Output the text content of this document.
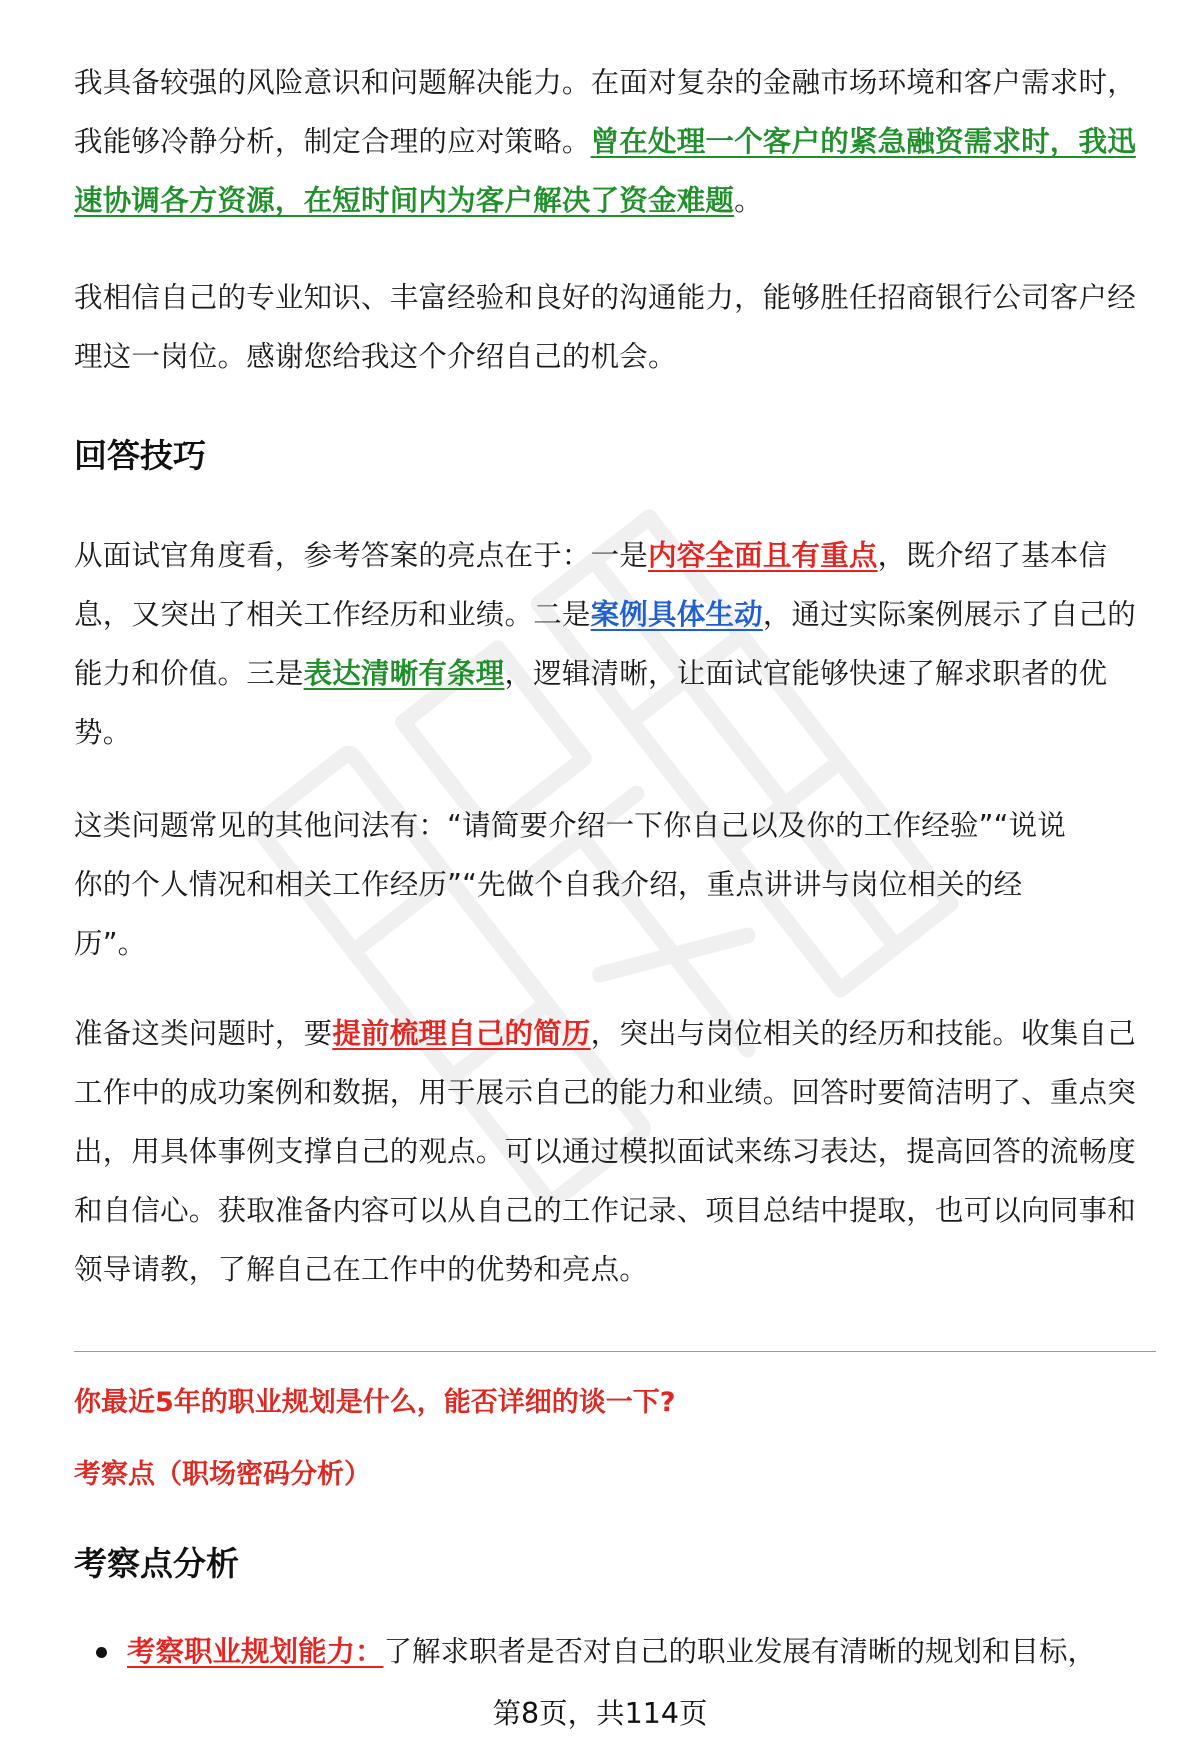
我具备较强的风险意识和问题解决能力。在面对复杂的金融市场环境和客户需求时，我能够冷静分析，制定合理的应对策略。曾在处理一个客户的紧急融资需求时，我迅速协调各方资源，在短时间内为客户解决了资金难题。

我相信自己的专业知识、丰富经验和良好的沟通能力，能够胜任招商银行公司客户经理这一岗位。感谢您给我这个介绍自己的机会。

回答技巧

从面试官角度看，参考答案的亮点在于：一是内容全面且有重点，既介绍了基本信息，又突出了相关工作经历和业绩。二是案例具体生动，通过实际案例展示了自己的能力和价值。三是表达清晰有条理，逻辑清晰，让面试官能够快速了解求职者的优势。

这类问题常见的其他问法有：“请简要介绍一下你自己以及你的工作经验”“说说你的个人情况和相关工作经历”“先做个自我介绍，重点讲讲与岗位相关的经历”。

准备这类问题时，要提前梳理自己的简历，突出与岗位相关的经历和技能。收集自己工作中的成功案例和数据，用于展示自己的能力和业绩。回答时要简洁明了、重点突出，用具体事例支撑自己的观点。可以通过模拟面试来练习表达，提高回答的流畅度和自信心。获取准备内容可以从自己的工作记录、项目总结中提取，也可以向同事和领导请教，了解自己在工作中的优势和亮点。

你最近5年的职业规划是什么，能否详细的谈一下?

考察点（职场密码分析）

考察点分析
考察职业规划能力： 了解求职者是否对自己的职业发展有清晰的规划和目标，
第8页，共114页
